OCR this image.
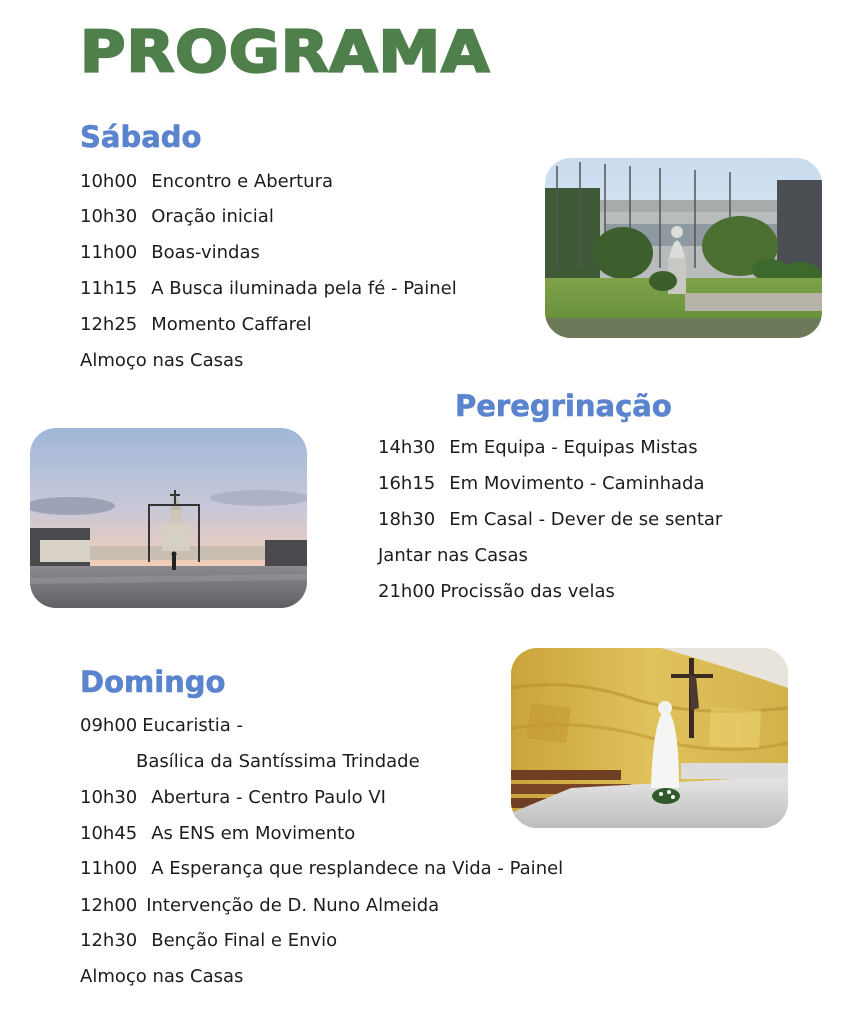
PROGRAMA
Sábado
10h00 Encontro e Abertura
10h30 Oração inicial
11h00 Boas-vindas
11h15 A Busca iluminada pela fé - Painel
12h25 Momento Caffarel
Almoço nas Casas
Peregrinação
14h30 Em Equipa - Equipas Mistas
16h15 Em Movimento - Caminhada
18h30 Em Casal - Dever de se sentar
Jantar nas Casas
21h00 Procissão das velas
Domingo
09h00 Eucaristia -
Basílica da Santíssima Trindade
10h30 Abertura - Centro Paulo VI
10h45 As ENS em Movimento
11h00 A Esperança que resplandece na Vida - Painel
12h00 Intervenção de D. Nuno Almeida
12h30 Bençãо Final e Envio
Almoço nas Casas
